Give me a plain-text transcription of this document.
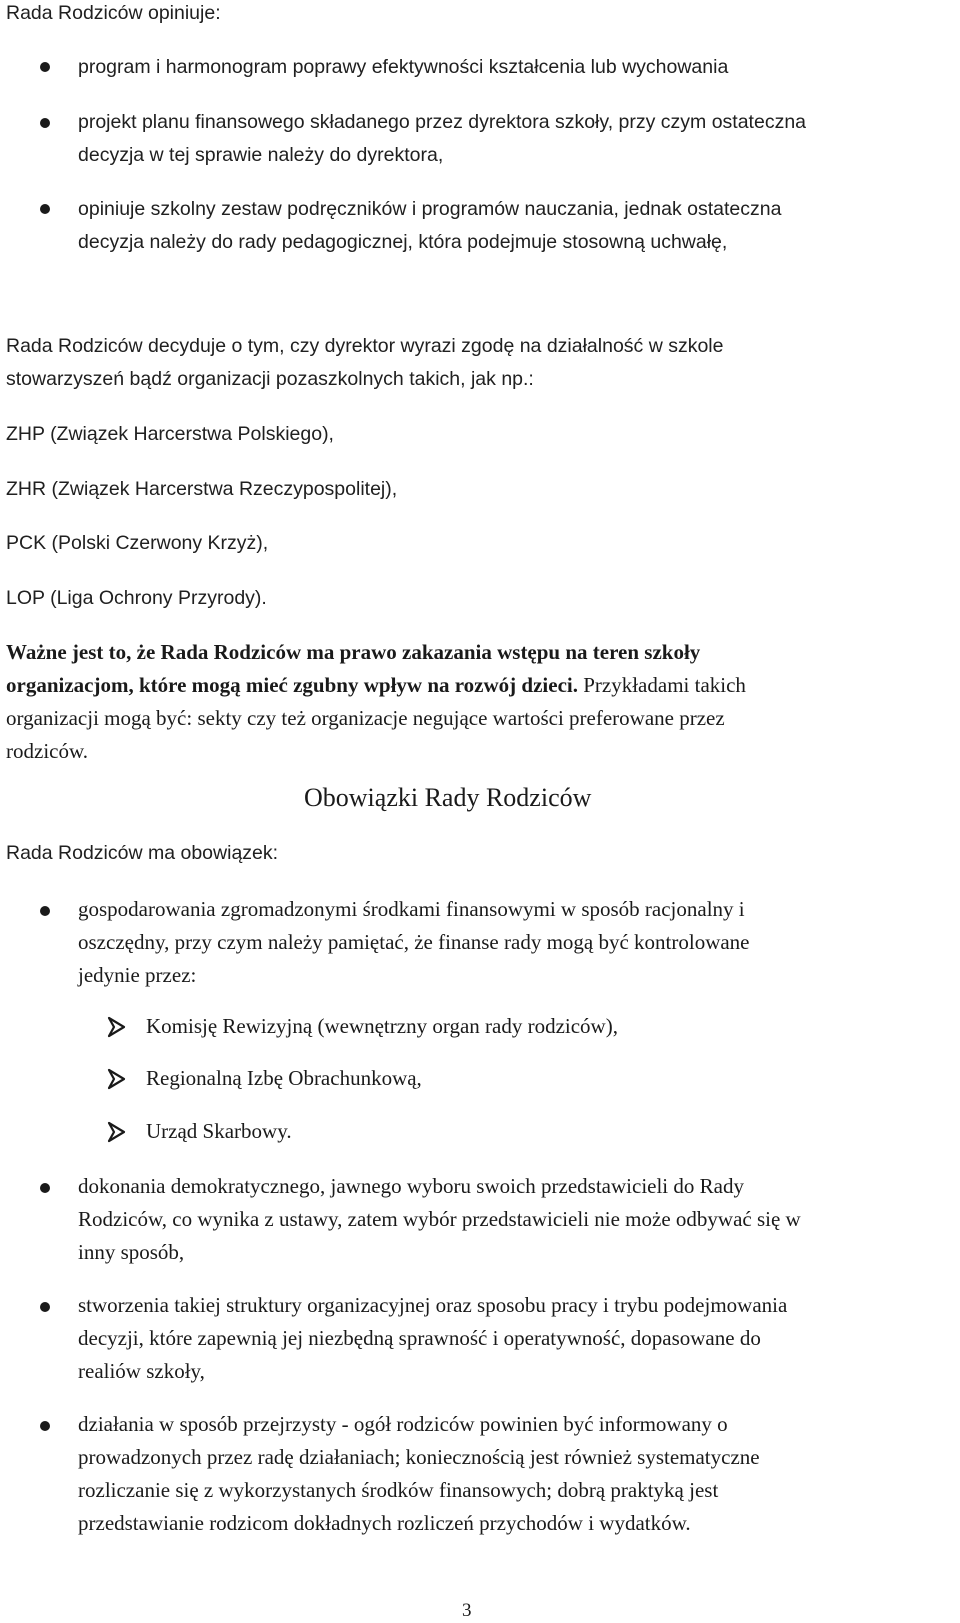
Rada Rodziców opiniuje:
program i harmonogram poprawy efektywności kształcenia lub wychowania
projekt planu finansowego składanego przez dyrektora szkoły, przy czym ostateczna
decyzja w tej sprawie należy do dyrektora,
opiniuje szkolny zestaw podręczników i programów nauczania, jednak ostateczna
decyzja należy do rady pedagogicznej, która podejmuje stosowną uchwałę,
Rada Rodziców decyduje o tym, czy dyrektor wyrazi zgodę na działalność w szkole
stowarzyszeń bądź organizacji pozaszkolnych takich, jak np.:
ZHP (Związek Harcerstwa Polskiego),
ZHR (Związek Harcerstwa Rzeczypospolitej),
PCK (Polski Czerwony Krzyż),
LOP (Liga Ochrony Przyrody).
Ważne jest to, że Rada Rodziców ma prawo zakazania wstępu na teren szkoły
organizacjom, które mogą mieć zgubny wpływ na rozwój dzieci. Przykładami takich
organizacji mogą być: sekty czy też organizacje negujące wartości preferowane przez
rodziców.
Obowiązki Rady Rodziców
Rada Rodziców ma obowiązek:
gospodarowania zgromadzonymi środkami finansowymi w sposób racjonalny i
oszczędny, przy czym należy pamiętać, że finanse rady mogą być kontrolowane
jedynie przez:
Komisję Rewizyjną (wewnętrzny organ rady rodziców),
Regionalną Izbę Obrachunkową,
Urząd Skarbowy.
dokonania demokratycznego, jawnego wyboru swoich przedstawicieli do Rady
Rodziców, co wynika z ustawy, zatem wybór przedstawicieli nie może odbywać się w
inny sposób,
stworzenia takiej struktury organizacyjnej oraz sposobu pracy i trybu podejmowania
decyzji, które zapewnią jej niezbędną sprawność i operatywność, dopasowane do
realiów szkoły,
działania w sposób przejrzysty - ogół rodziców powinien być informowany o
prowadzonych przez radę działaniach; koniecznością jest również systematyczne
rozliczanie się z wykorzystanych środków finansowych; dobrą praktyką jest
przedstawianie rodzicom dokładnych rozliczeń przychodów i wydatków.
3
